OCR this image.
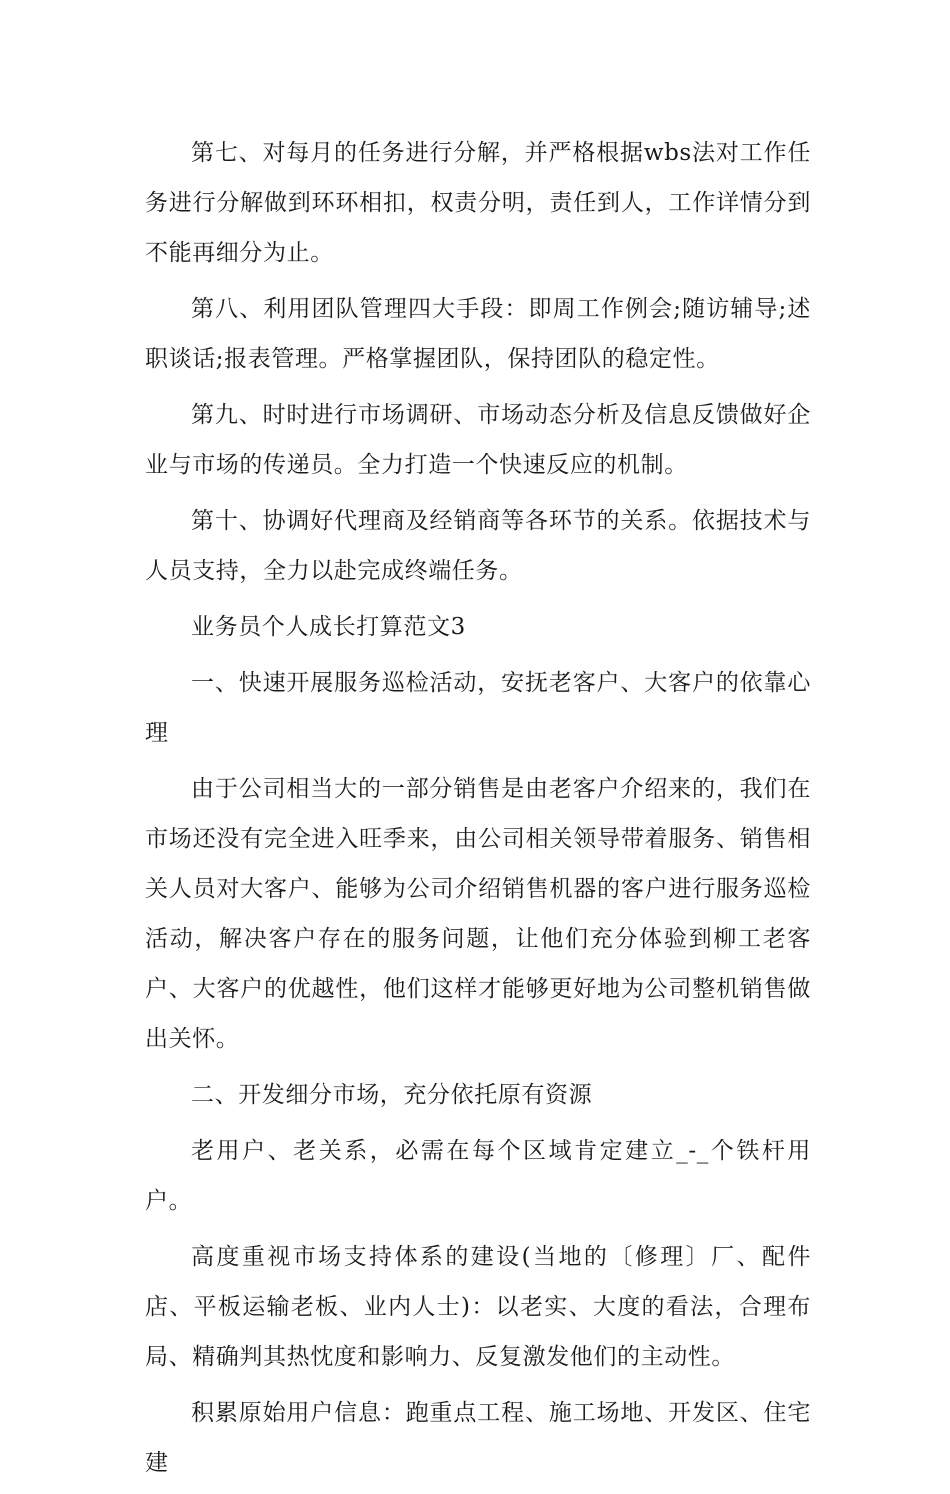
第七、对每月的任务进行分解，并严格根据wbs法对工作任务进行分解做到环环相扣，权责分明，责任到人，工作详情分到不能再细分为止。

第八、利用团队管理四大手段：即周工作例会;随访辅导;述职谈话;报表管理。严格掌握团队，保持团队的稳定性。

第九、时时进行市场调研、市场动态分析及信息反馈做好企业与市场的传递员。全力打造一个快速反应的机制。

第十、协调好代理商及经销商等各环节的关系。依据技术与人员支持，全力以赴完成终端任务。

业务员个人成长打算范文3

一、快速开展服务巡检活动，安抚老客户、大客户的依靠心理

由于公司相当大的一部分销售是由老客户介绍来的，我们在市场还没有完全进入旺季来，由公司相关领导带着服务、销售相关人员对大客户、能够为公司介绍销售机器的客户进行服务巡检活动，解决客户存在的服务问题，让他们充分体验到柳工老客户、大客户的优越性，他们这样才能够更好地为公司整机销售做出关怀。

二、开发细分市场，充分依托原有资源

老用户、老关系，必需在每个区域肯定建立_-_个铁杆用户。

高度重视市场支持体系的建设(当地的〔修理〕厂、配件店、平板运输老板、业内人士)：以老实、大度的看法，合理布局、精确判其热忱度和影响力、反复激发他们的主动性。

积累原始用户信息：跑重点工程、施工场地、开发区、住宅建
